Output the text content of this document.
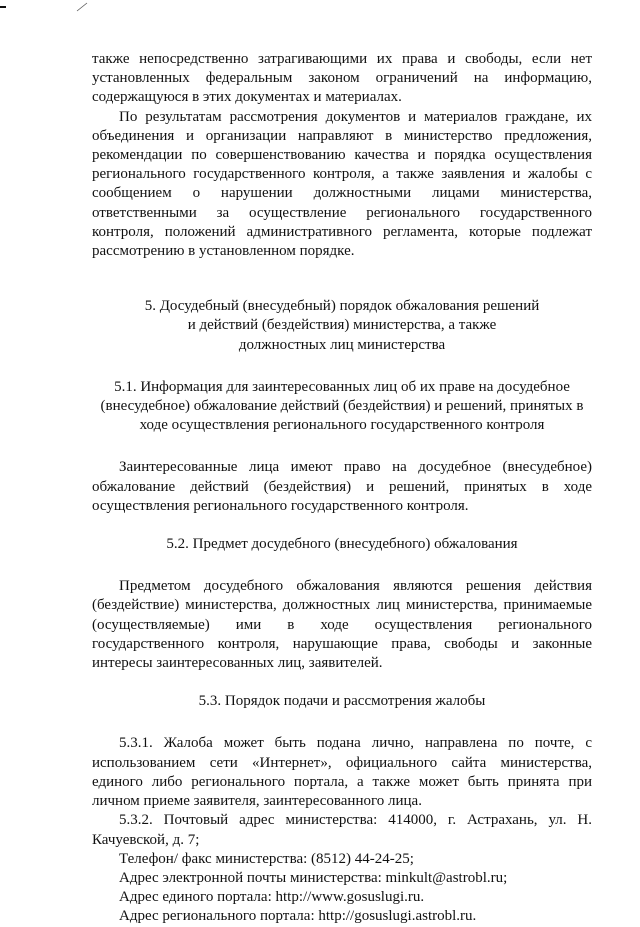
также непосредственно затрагивающими их права и свободы, если нет установленных федеральным законом ограничений на информацию, содержащуюся в этих документах и материалах.

По результатам рассмотрения документов и материалов граждане, их объединения и организации направляют в министерство предложения, рекомендации по совершенствованию качества и порядка осуществления регионального государственного контроля, а также заявления и жалобы с сообщением о нарушении должностными лицами министерства, ответственными за осуществление регионального государственного контроля, положений административного регламента, которые подлежат рассмотрению в установленном порядке.

5. Досудебный (внесудебный) порядок обжалования решений

и действий (бездействия) министерства, а также

должностных лиц министерства

5.1. Информация для заинтересованных лиц об их праве на досудебное

(внесудебное) обжалование действий (бездействия) и решений, принятых в

ходе осуществления регионального государственного контроля

Заинтересованные лица имеют право на досудебное (внесудебное) обжалование действий (бездействия) и решений, принятых в ходе осуществления регионального государственного контроля.

5.2. Предмет досудебного (внесудебного) обжалования

Предметом досудебного обжалования являются решения действия (бездействие) министерства, должностных лиц министерства, принимаемые (осуществляемые) ими в ходе осуществления регионального государственного контроля, нарушающие права, свободы и законные интересы заинтересованных лиц, заявителей.

5.3. Порядок подачи и рассмотрения жалобы

5.3.1. Жалоба может быть подана лично, направлена по почте, с использованием сети «Интернет», официального сайта министерства, единого либо регионального портала, а также может быть принята при личном приеме заявителя, заинтересованного лица.

5.3.2. Почтовый адрес министерства: 414000, г. Астрахань, ул. Н. Качуевской, д. 7;

Телефон/ факс министерства: (8512) 44-24-25;

Адрес электронной почты министерства: minkult@astrobl.ru;

Адрес единого портала: http://www.gosuslugi.ru.

Адрес регионального портала: http://gosuslugi.astrobl.ru.
